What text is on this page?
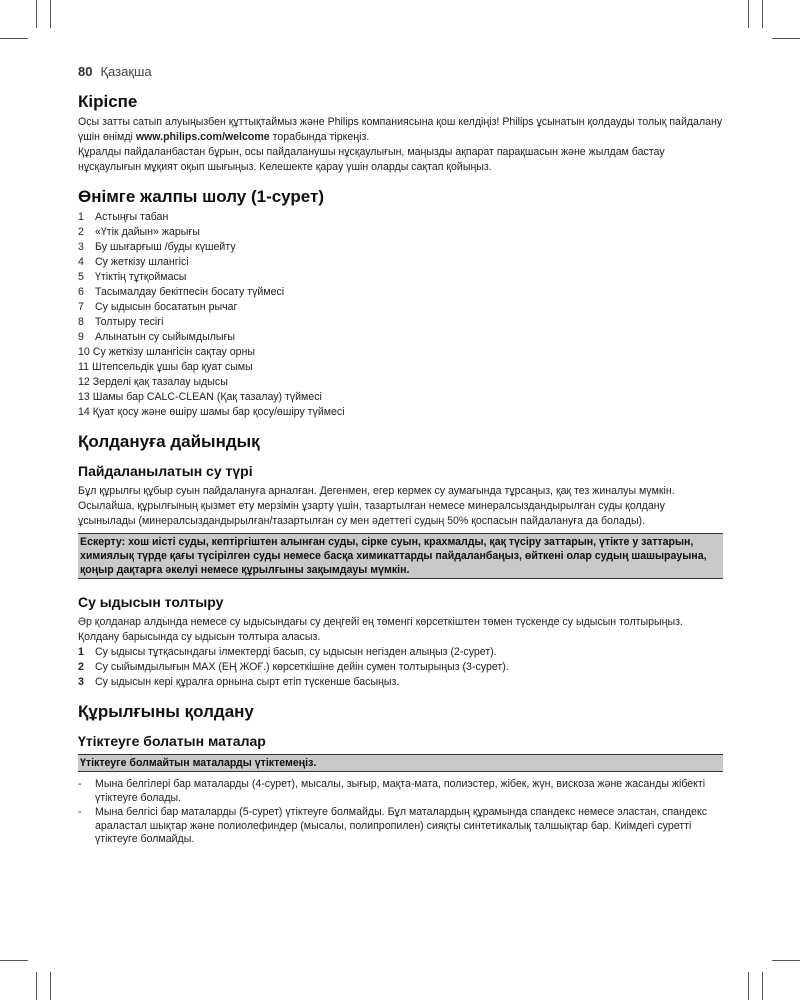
80 Қазақша
Кіріспе

Осы затты сатып алуыңызбен құттықтаймыз және Philips компаниясына қош келдіңіз! Philips ұсынатын қолдауды толық пайдалану үшін өнімді www.philips.com/welcome торабында тіркеңіз.

Құралды пайдаланбастан бұрын, осы пайдаланушы нұсқаулығын, маңызды ақпарат парақшасын және жылдам бастау нұсқаулығын мұқият оқып шығыңыз. Келешекте қарау үшін оларды сақтап қойыңыз.

Өнімге жалпы шолу (1-сурет)
1 Астыңғы табан
2 «Үтік дайын» жарығы
3 Бу шығарғыш /буды күшейту
4 Су жеткізу шлангісі
5 Үтіктің тұтқоймасы
6 Тасымалдау бекітпесін босату түймесі
7 Су ыдысын босататын рычаг
8 Толтыру тесігі
9 Алынатын су сыйымдылығы
10 Су жеткізу шлангісін сақтау орны
11 Штепсельдік ұшы бар қуат сымы
12 Зерделі қақ тазалау ыдысы
13 Шамы бар CALC-CLEAN (Қақ тазалау) түймесі
14 Қуат қосу және өшіру шамы бар қосу/өшіру түймесі
Қолдануға дайындық
Пайдаланылатын су түрі

Бұл құрылғы құбыр суын пайдалануға арналған. Дегенмен, егер кермек су аумағында тұрсаңыз, қақ тез жиналуы мүмкін. Осылайша, құрылғының қызмет ету мерзімін ұзарту үшін, тазартылған немесе минералсыздандырылған суды қолдану ұсынылады (минералсыздандырылған/тазартылған су мен әдеттегі судың 50% қоспасын пайдалануға да болады).

Ескерту: хош иісті суды, кептіргіштен алынған суды, сірке суын, крахмалды, қақ түсіру заттарын, үтікте у заттарын, химиялық түрде қағы түсірілген суды немесе басқа химикаттарды пайдаланбаңыз, өйткені олар судың шашырауына, қоңыр дақтарға әкелуі немесе құрылғыны зақымдауы мүмкін.
Су ыдысын толтыру

Әр қолданар алдында немесе су ыдысындағы су деңгейі ең төменгі көрсеткіштен төмен түскенде су ыдысын толтырыңыз. Қолдану барысында су ыдысын толтыра аласыз.

1 Су ыдысы тұтқасындағы ілмектерді басып, су ыдысын негізден алыңыз (2-сурет).
2 Су сыйымдылығын MAX (ЕҢ ЖОҒ.) көрсеткішіне дейін сумен толтырыңыз (3-сурет).
3 Су ыдысын кері құралға орнына сырт етіп түскенше басыңыз.
Құрылғыны қолдану
Үтіктеуге болатын маталар
Үтіктеуге болмайтын маталарды үтіктемеңіз.
- Мына белгілері бар маталарды (4-сурет), мысалы, зығыр, мақта-мата, полиэстер, жібек, жүн, вискоза және жасанды жібекті үтіктеуге болады.
- Мына белгісі бар маталарды (5-сурет) үтіктеуге болмайды. Бұл маталардың құрамында спандекс немесе эластан, спандекс араластал шықтар және полиолефиндер (мысалы, полипропилен) сияқты синтетикалық талшықтар бар. Киімдегі суретті үтіктеуге болмайды.
